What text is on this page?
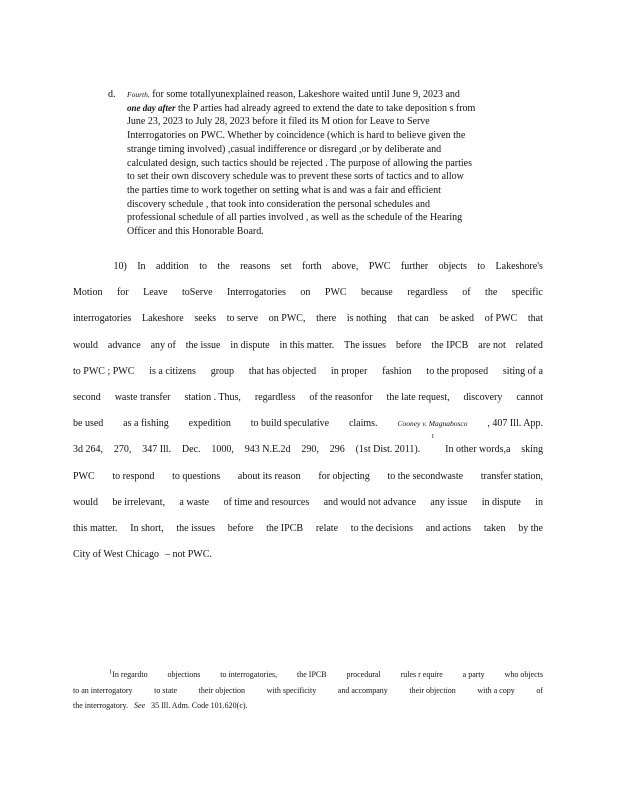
d.	Fourth, for some totallyunexplained reason, Lakeshore waited until June 9, 2023 and
one day after the P arties had already agreed to extend the date to take deposition s from
June 23, 2023 to July 28, 2023 before it filed its M otion for Leave to Serve
Interrogatories on PWC. Whether by coincidence (which is hard to believe given the
strange timing involved) ,casual indifference or disregard ,or by deliberate and
calculated design, such tactics should be rejected . The purpose of allowing the parties
to set their own discovery schedule was to prevent these sorts of tactics and to allow
the parties time to work together on setting what is and was a fair and efficient
discovery schedule , that took into consideration the personal schedules and
professional schedule of all parties involved , as well as the schedule of the Hearing
Officer and this Honorable Board.
10) In addition to the reasons set forth above, PWC further objects to Lakeshore's
Motion for Leave toServe Interrogatories on PWC because regardless of the specific
interrogatories Lakeshore seeks to serve on PWC, there is nothing that can be asked of PWC that
would advance any of the issue in dispute in this matter. The issues before the IPCB are not related
to PWC ; PWC is a citizens group that has objected in proper fashion to the proposed siting of a
second waste transfer station . Thus, regardless of the reasonfor the late request, discovery cannot
be used as a fishing expedition to build speculative claims.	Cooney v. Magnabosco , 407 Ill. App.
3d 264, 270, 347 Ill. Dec. 1000, 943 N.E.2d 290, 296 (1st Dist. 2011).
1
In other words,a sking
PWC to respond to questions about its reason for objecting to the secondwaste transfer station,
would be irrelevant, a waste of time and resources and would not advance any issue in dispute in
this matter. In short, the issues before the IPCB relate to the decisions and actions taken by the
City of West Chicago – not PWC.
$^1$In regardto objections to interrogatories, the IPCB procedural rules r equire a party who objects
to an interrogatory	to state	their objection	with specificity	and accompany	their objection	with a copy	of
the interrogatory. See 35 Ill. Adm. Code 101.620(c).
